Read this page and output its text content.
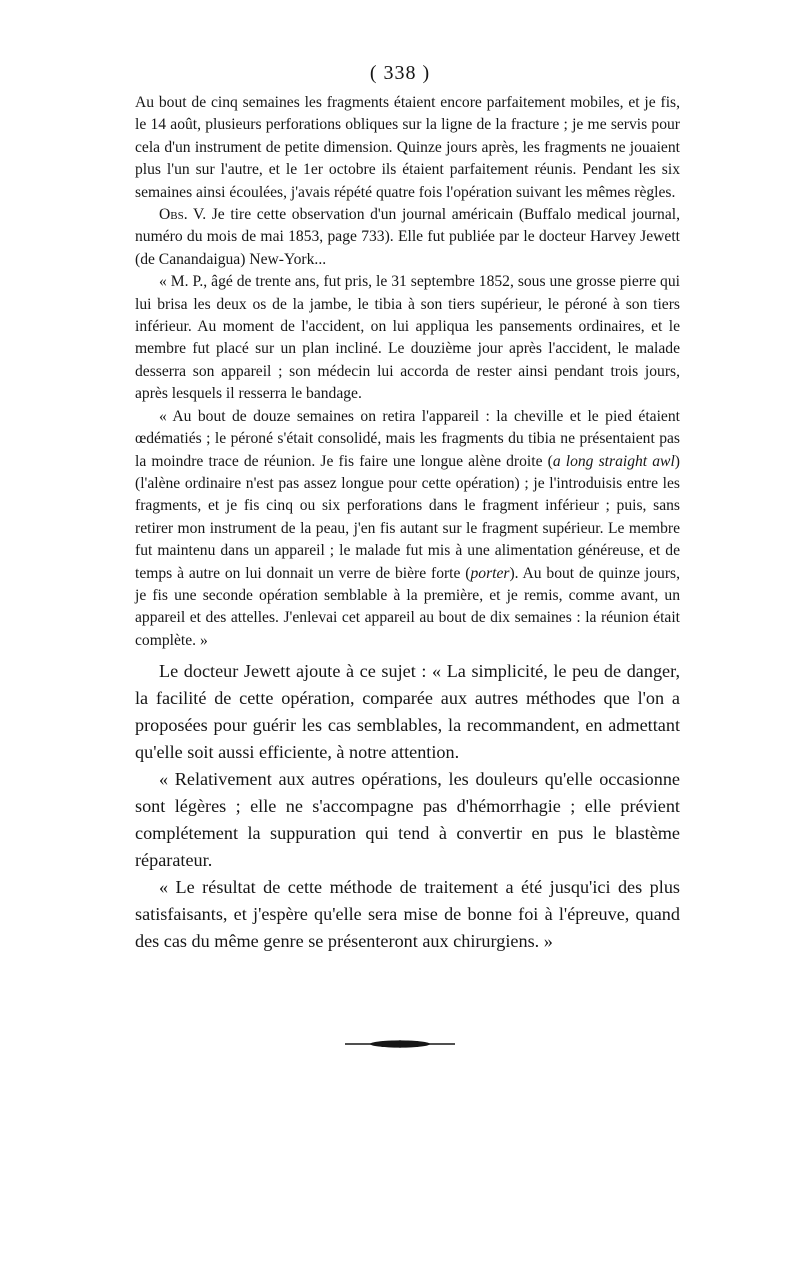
( 338 )

Au bout de cinq semaines les fragments étaient encore parfaitement mobiles, et je fis, le 14 août, plusieurs perforations obliques sur la ligne de la fracture ; je me servis pour cela d'un instrument de petite dimension. Quinze jours après, les fragments ne jouaient plus l'un sur l'autre, et le 1er octobre ils étaient parfaitement réunis. Pendant les six semaines ainsi écoulées, j'avais répété quatre fois l'opération suivant les mêmes règles.

Obs. V. Je tire cette observation d'un journal américain (Buffalo medical journal, numéro du mois de mai 1853, page 733). Elle fut publiée par le docteur Harvey Jewett (de Canandaigua) New-York...

« M. P., âgé de trente ans, fut pris, le 31 septembre 1852, sous une grosse pierre qui lui brisa les deux os de la jambe, le tibia à son tiers supérieur, le péroné à son tiers inférieur. Au moment de l'accident, on lui appliqua les pansements ordinaires, et le membre fut placé sur un plan incliné. Le douzième jour après l'accident, le malade desserra son appareil ; son médecin lui accorda de rester ainsi pendant trois jours, après lesquels il resserra le bandage.

« Au bout de douze semaines on retira l'appareil : la cheville et le pied étaient œdématiés ; le péroné s'était consolidé, mais les fragments du tibia ne présentaient pas la moindre trace de réunion. Je fis faire une longue alène droite (a long straight awl) (l'alène ordinaire n'est pas assez longue pour cette opération) ; je l'introduisis entre les fragments, et je fis cinq ou six perforations dans le fragment inférieur ; puis, sans retirer mon instrument de la peau, j'en fis autant sur le fragment supérieur. Le membre fut maintenu dans un appareil ; le malade fut mis à une alimentation généreuse, et de temps à autre on lui donnait un verre de bière forte (porter). Au bout de quinze jours, je fis une seconde opération semblable à la première, et je remis, comme avant, un appareil et des attelles. J'enlevai cet appareil au bout de dix semaines : la réunion était complète. »

Le docteur Jewett ajoute à ce sujet : « La simplicité, le peu de danger, la facilité de cette opération, comparée aux autres méthodes que l'on a proposées pour guérir les cas semblables, la recommandent, en admettant qu'elle soit aussi efficiente, à notre attention.

« Relativement aux autres opérations, les douleurs qu'elle occasionne sont légères ; elle ne s'accompagne pas d'hémorrhagie ; elle prévient complétement la suppuration qui tend à convertir en pus le blastème réparateur.

« Le résultat de cette méthode de traitement a été jusqu'ici des plus satisfaisants, et j'espère qu'elle sera mise de bonne foi à l'épreuve, quand des cas du même genre se présenteront aux chirurgiens. »
